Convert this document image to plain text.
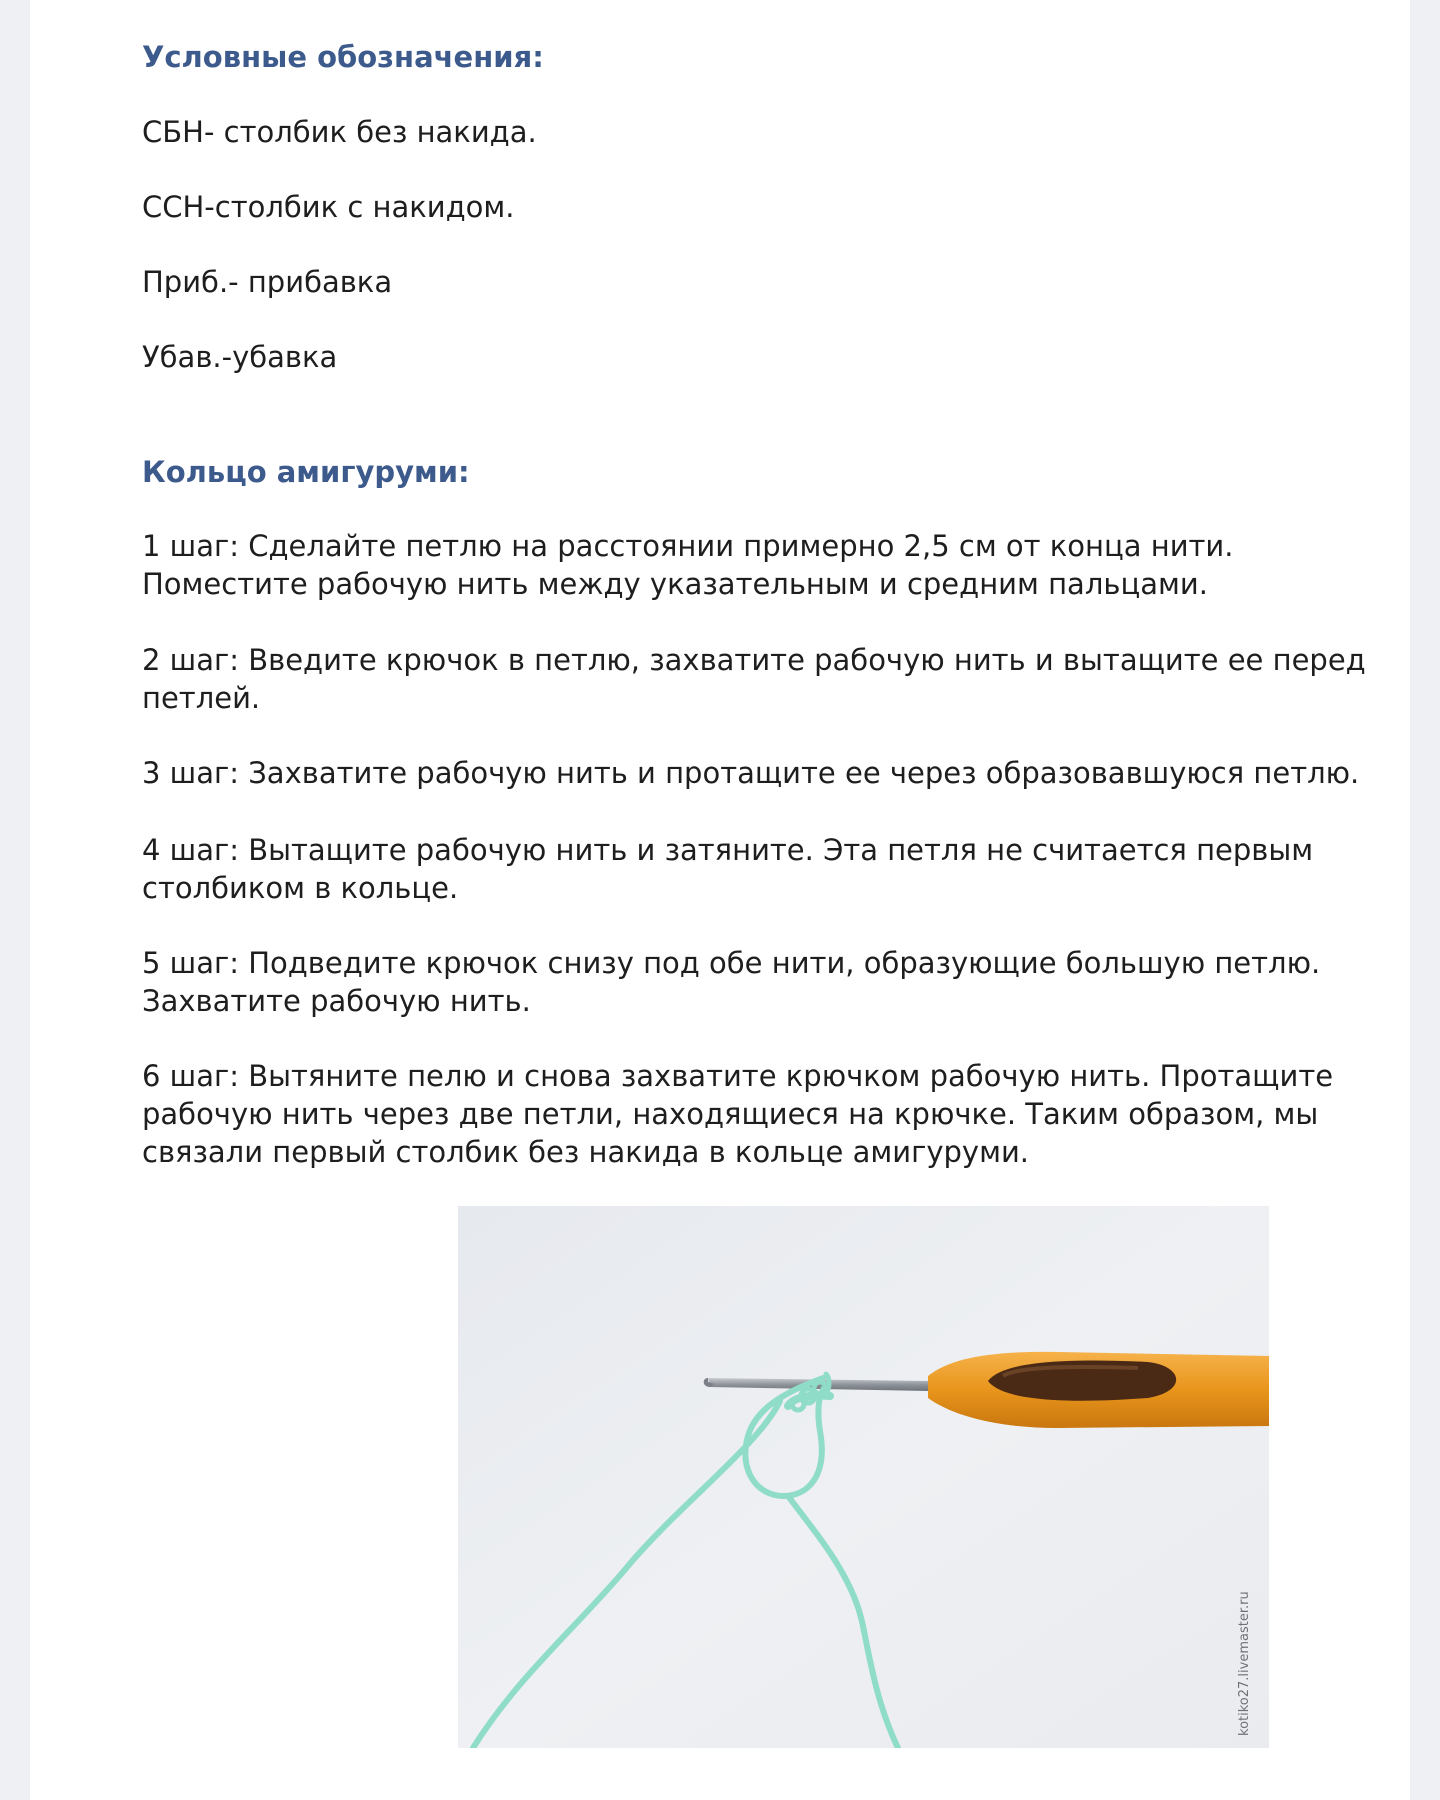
Условные обозначения:
СБН- столбик без накида.
ССН-столбик с накидом.
Приб.- прибавка
Убав.-убавка
Кольцо амигуруми:
1 шаг: Сделайте петлю на расстоянии примерно 2,5 см от конца нити.
Поместите рабочую нить между указательным и средним пальцами.
2 шаг: Введите крючок в петлю, захватите рабочую нить и вытащите ее перед
петлей.
3 шаг: Захватите рабочую нить и протащите ее через образовавшуюся петлю.
4 шаг: Вытащите рабочую нить и затяните. Эта петля не считается первым
столбиком в кольце.
5 шаг: Подведите крючок снизу под обе нити, образующие большую петлю.
Захватите рабочую нить.
6 шаг: Вытяните пелю и снова захватите крючком рабочую нить. Протащите
рабочую нить через две петли, находящиеся на крючке. Таким образом, мы
связали первый столбик без накида в кольце амигуруми.
kotiko27.livemaster.ru
